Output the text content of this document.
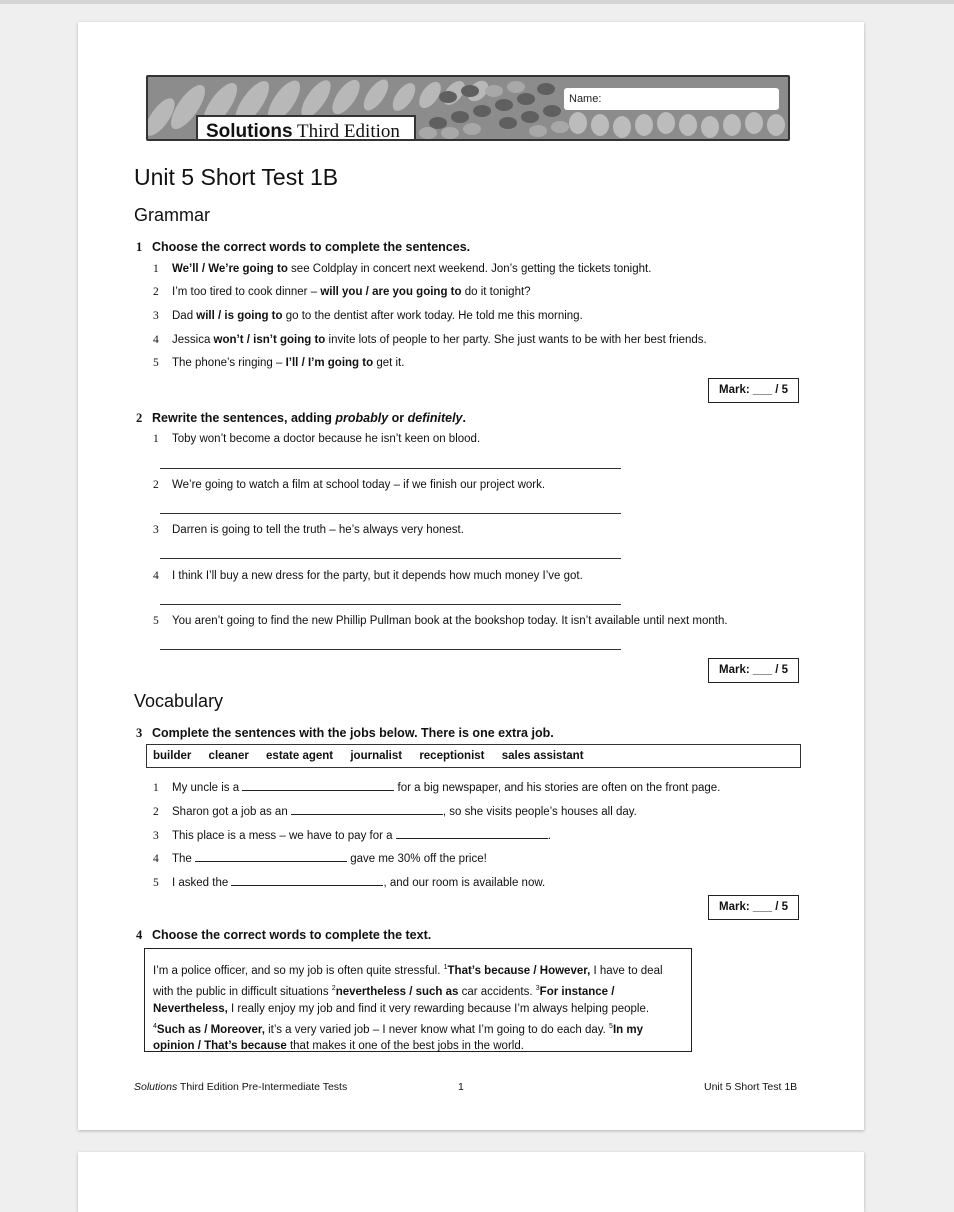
Name:
Solutions Third Edition
Unit 5 Short Test 1B
Grammar
1 Choose the correct words to complete the sentences.
1 We’ll / We’re going to see Coldplay in concert next weekend. Jon’s getting the tickets tonight.
2 I’m too tired to cook dinner – will you / are you going to do it tonight?
3 Dad will / is going to go to the dentist after work today. He told me this morning.
4 Jessica won’t / isn’t going to invite lots of people to her party. She just wants to be with her best friends.
5 The phone’s ringing – I’ll / I’m going to get it.
Mark: ___ / 5
2 Rewrite the sentences, adding probably or definitely.
1 Toby won’t become a doctor because he isn’t keen on blood.
2 We’re going to watch a film at school today – if we finish our project work.
3 Darren is going to tell the truth – he’s always very honest.
4 I think I’ll buy a new dress for the party, but it depends how much money I’ve got.
5 You aren’t going to find the new Phillip Pullman book at the bookshop today. It isn’t available until next month.
Mark: ___ / 5
Vocabulary
3 Complete the sentences with the jobs below. There is one extra job.
builder cleaner estate agent journalist receptionist sales assistant
1 My uncle is a	for a big newspaper, and his stories are often on the front page.
2 Sharon got a job as an	, so she visits people’s houses all day.
3 This place is a mess – we have to pay for a	.
4 The	gave me 30% off the price!
5 I asked the	, and our room is available now.
Mark: ___ / 5
4 Choose the correct words to complete the text.
I’m a police officer, and so my job is often quite stressful. $^1$That’s because / However, I have to deal with the public in difficult situations $^2$nevertheless / such as car accidents. $^3$For instance / Nevertheless, I really enjoy my job and find it very rewarding because I’m always helping people. $^4$Such as / Moreover, it’s a very varied job – I never know what I’m going to do each day. $^5$In my opinion / That’s because that makes it one of the best jobs in the world.
Solutions Third Edition Pre-Intermediate Tests	1	Unit 5 Short Test 1B
